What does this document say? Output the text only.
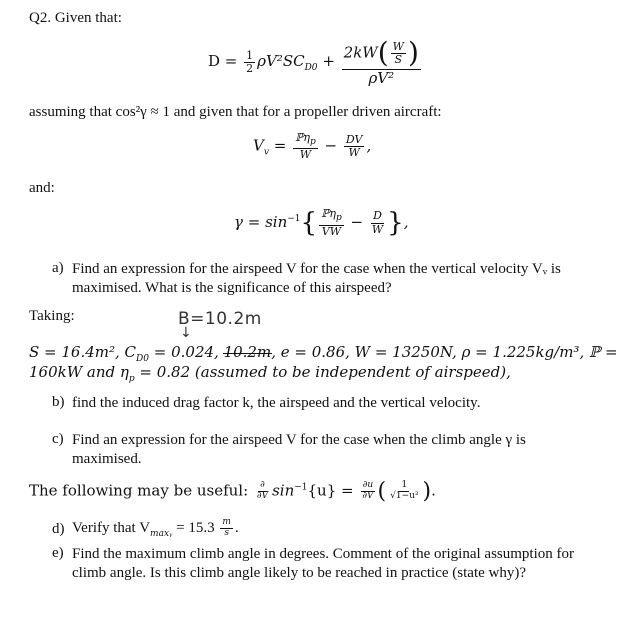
Q2. Given that:
$D = \frac{1}{2} \rho V^2SC_{D0} + \frac{2kW( \frac{W}{S} )}{\text{ρV²}}$
assuming that cos²γ ≈ 1 and given that for a propeller driven aircraft:
$V_v = \frac{ℙ\eta_p}{W} - \frac{DV}{W}$ ,
and:
$\gamma = \sin^{-1}\{ \frac{ℙ\eta_p}{VW} - \frac{D}{W}$ },
a) Find an expression for the airspeed V for the case when the vertical velocity Vᵥ is maximised. What is the significance of this airspeed?
Taking:	B=10.2m
↓
S = 16.4m², $C_{D0} = 0.024$, 10.2m, e = 0.86, W = 13250N, ρ = 1.225kg/m³, ℙ =
160kW and $\eta_p = 0.82$ (assumed to be independent of airspeed),
b) find the induced drag factor k, the airspeed and the vertical velocity.
c) Find an expression for the airspeed V for the case when the climb angle γ is maximised.
The following may be useful: $\frac{\partial}{\partial V} \sin^{-1}\{u\} = \frac{\partial u}{\partial V}$ ( $\frac{1}{\text{√1−u²}}$ ).
d) Verify that $V_{maxᵧ} = 15.3 \frac{m}{s}$ .
e) Find the maximum climb angle in degrees. Comment of the original assumption for climb angle. Is this climb angle likely to be reached in practice (state why)?
